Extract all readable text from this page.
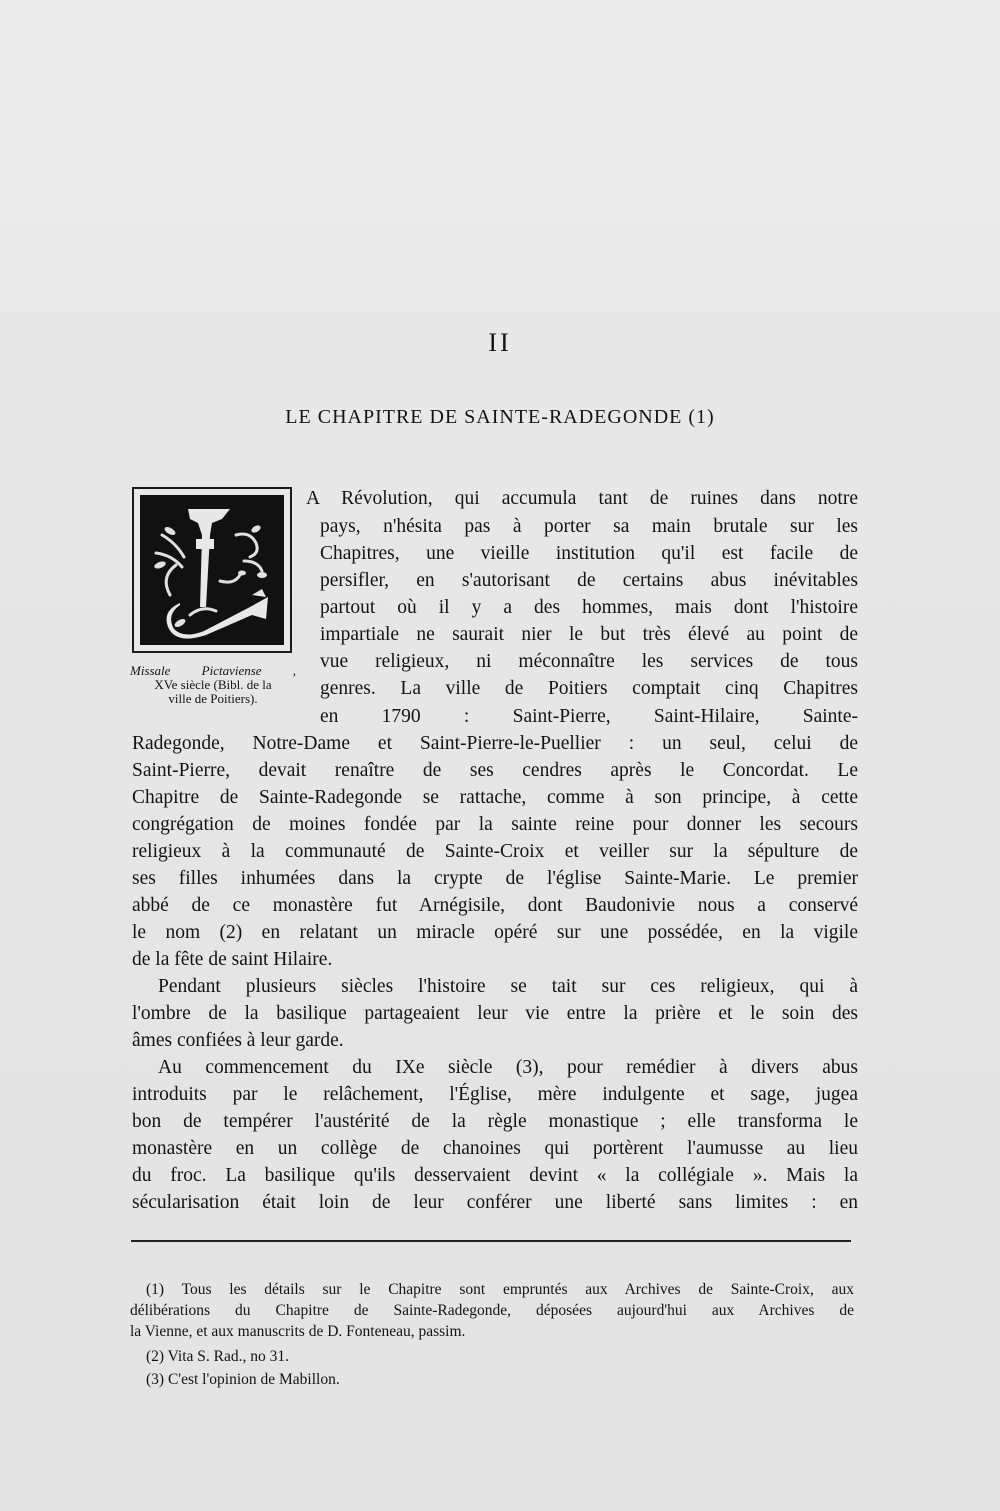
II
LE CHAPITRE DE SAINTE-RADEGONDE (1)
Missale Pictaviense ,
XVe siècle (Bibl. de la
ville de Poitiers).
A Révolution, qui accumula tant de ruines dans notre
pays, n'hésita pas à porter sa main brutale sur les
Chapitres, une vieille institution qu'il est facile de
persifler, en s'autorisant de certains abus inévitables
partout où il y a des hommes, mais dont l'histoire
impartiale ne saurait nier le but très élevé au point de
vue religieux, ni méconnaître les services de tous
genres. La ville de Poitiers comptait cinq Chapitres
en 1790 : Saint-Pierre, Saint-Hilaire, Sainte-
Radegonde, Notre-Dame et Saint-Pierre-le-Puellier : un seul, celui de
Saint-Pierre, devait renaître de ses cendres après le Concordat. Le
Chapitre de Sainte-Radegonde se rattache, comme à son principe, à cette
congrégation de moines fondée par la sainte reine pour donner les secours
religieux à la communauté de Sainte-Croix et veiller sur la sépulture de
ses filles inhumées dans la crypte de l'église Sainte-Marie. Le premier
abbé de ce monastère fut Arnégisile, dont Baudonivie nous a conservé
le nom (2) en relatant un miracle opéré sur une possédée, en la vigile
de la fête de saint Hilaire.
Pendant plusieurs siècles l'histoire se tait sur ces religieux, qui à
l'ombre de la basilique partageaient leur vie entre la prière et le soin des
âmes confiées à leur garde.
Au commencement du IXe siècle (3), pour remédier à divers abus
introduits par le relâchement, l'Église, mère indulgente et sage, jugea
bon de tempérer l'austérité de la règle monastique ; elle transforma le
monastère en un collège de chanoines qui portèrent l'aumusse au lieu
du froc. La basilique qu'ils desservaient devint « la collégiale ». Mais la
sécularisation était loin de leur conférer une liberté sans limites : en
(1) Tous les détails sur le Chapitre sont empruntés aux Archives de Sainte-Croix, aux
délibérations du Chapitre de Sainte-Radegonde, déposées aujourd'hui aux Archives de
la Vienne, et aux manuscrits de D. Fonteneau, passim.
(2) Vita S. Rad., no 31.
(3) C'est l'opinion de Mabillon.
